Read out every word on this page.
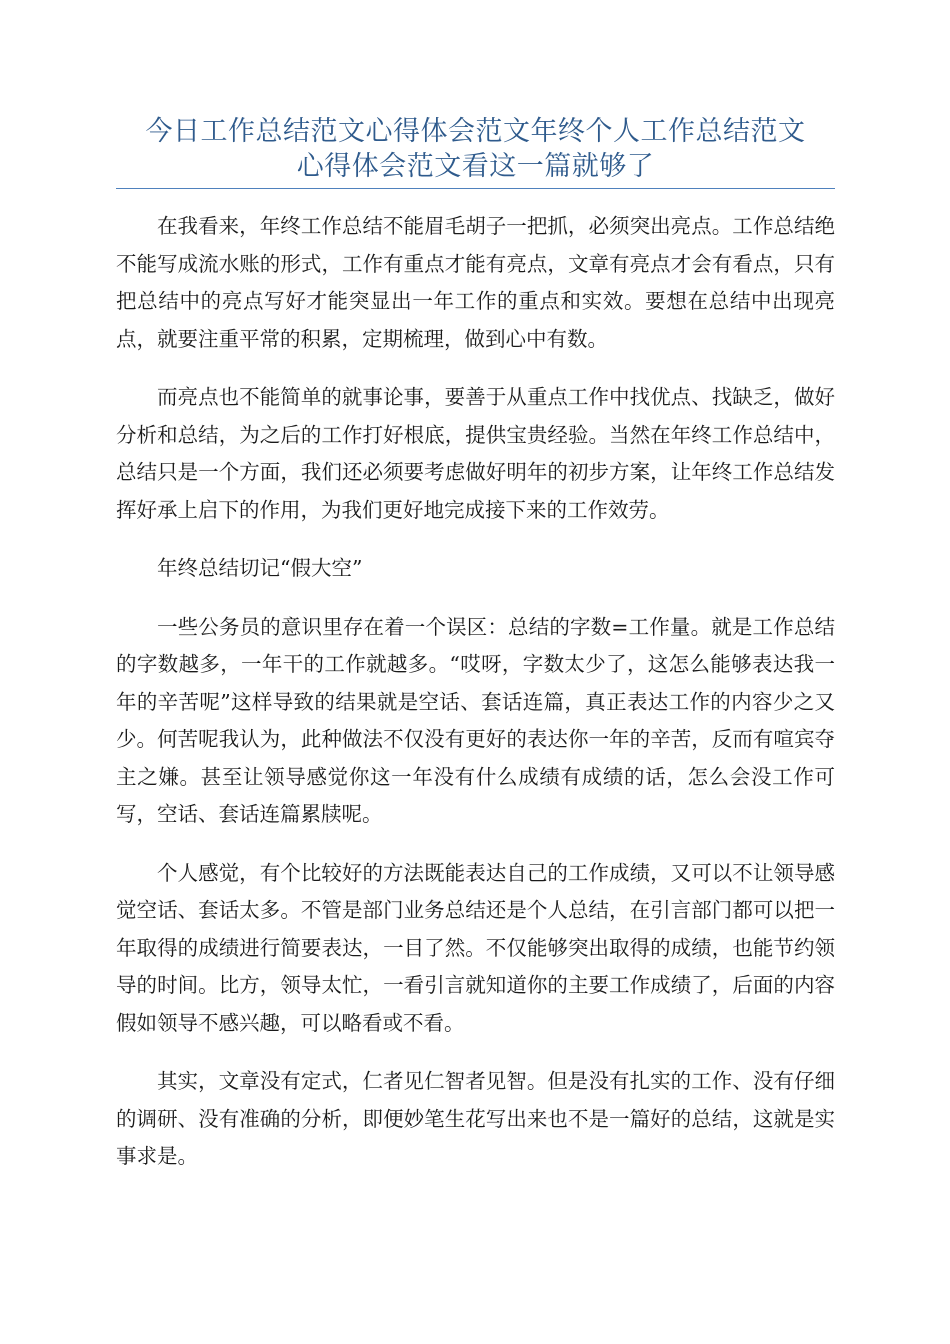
今日工作总结范文心得体会范文年终个人工作总结范文
心得体会范文看这一篇就够了

在我看来，年终工作总结不能眉毛胡子一把抓，必须突出亮点。工作总结绝不能写成流水账的形式，工作有重点才能有亮点，文章有亮点才会有看点，只有把总结中的亮点写好才能突显出一年工作的重点和实效。要想在总结中出现亮点，就要注重平常的积累，定期梳理，做到心中有数。

而亮点也不能简单的就事论事，要善于从重点工作中找优点、找缺乏，做好分析和总结，为之后的工作打好根底，提供宝贵经验。当然在年终工作总结中，总结只是一个方面，我们还必须要考虑做好明年的初步方案，让年终工作总结发挥好承上启下的作用，为我们更好地完成接下来的工作效劳。

年终总结切记“假大空”

一些公务员的意识里存在着一个误区：总结的字数=工作量。就是工作总结的字数越多，一年干的工作就越多。“哎呀，字数太少了，这怎么能够表达我一年的辛苦呢”这样导致的结果就是空话、套话连篇，真正表达工作的内容少之又少。何苦呢我认为，此种做法不仅没有更好的表达你一年的辛苦，反而有喧宾夺主之嫌。甚至让领导感觉你这一年没有什么成绩有成绩的话，怎么会没工作可写，空话、套话连篇累牍呢。

个人感觉，有个比较好的方法既能表达自己的工作成绩，又可以不让领导感觉空话、套话太多。不管是部门业务总结还是个人总结，在引言部门都可以把一年取得的成绩进行简要表达，一目了然。不仅能够突出取得的成绩，也能节约领导的时间。比方，领导太忙，一看引言就知道你的主要工作成绩了，后面的内容假如领导不感兴趣，可以略看或不看。

其实，文章没有定式，仁者见仁智者见智。但是没有扎实的工作、没有仔细的调研、没有准确的分析，即便妙笔生花写出来也不是一篇好的总结，这就是实事求是。
